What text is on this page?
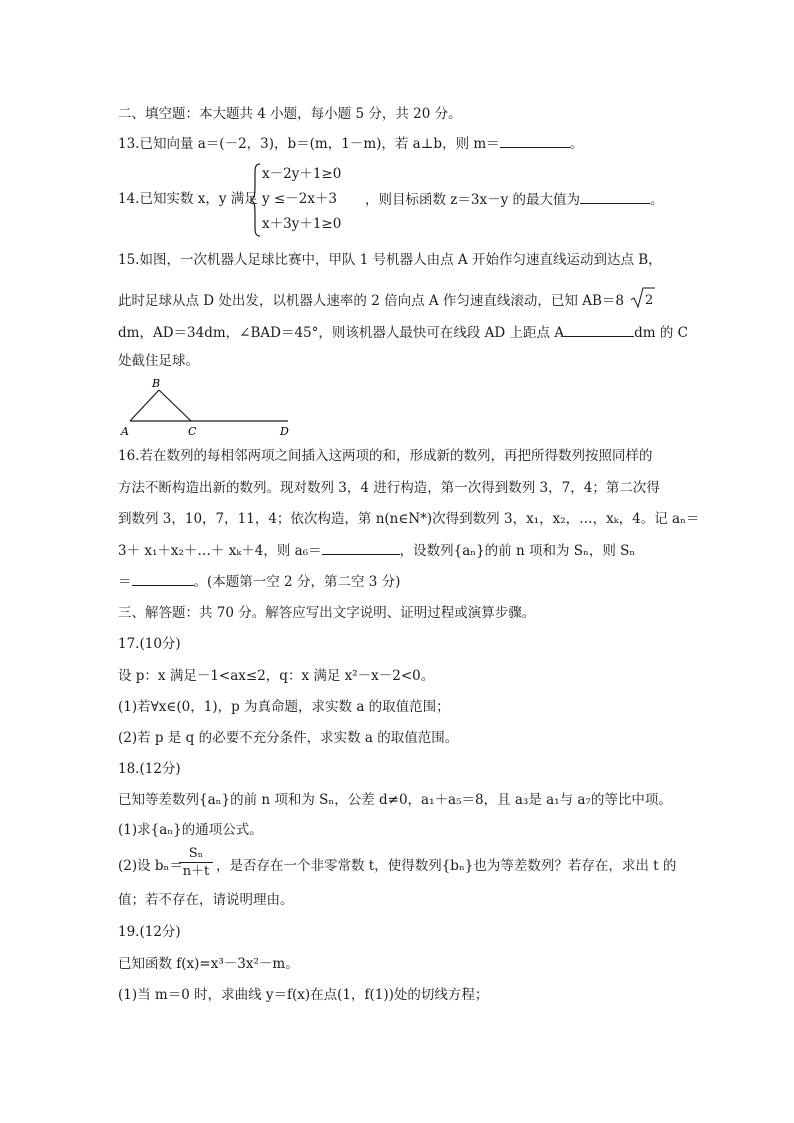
二、填空题：本大题共 4 小题，每小题 5 分，共 20 分。
13.已知向量 a＝(－2，3)，b＝(m，1－m)，若 a⊥b，则 m＝	。
14.已知实数 x，y 满足
x－2y＋1≥0
y ≤－2x＋3
x＋3y＋1≥0
，则目标函数 z＝3x－y 的最大值为	。
15.如图，一次机器人足球比赛中，甲队 1 号机器人由点 A 开始作匀速直线运动到达点 B，
此时足球从点 D 处出发，以机器人速率的 2 倍向点 A 作匀速直线滚动，已知 AB＝8 2
dm，AD＝34dm，∠BAD＝45°，则该机器人最快可在线段 AD 上距点 A	dm 的 C
处截住足球。
B
A	C	D
16.若在数列的每相邻两项之间插入这两项的和，形成新的数列，再把所得数列按照同样的
方法不断构造出新的数列。现对数列 3，4 进行构造，第一次得到数列 3，7，4；第二次得
到数列 3，10，7，11，4；依次构造，第 n(n∈N*)次得到数列 3，x₁，x₂，…，xₖ，4。记 aₙ＝
3＋ x₁＋x₂＋…＋ xₖ＋4，则 a₆＝	，设数列{aₙ}的前 n 项和为 Sₙ，则 Sₙ
＝	。(本题第一空 2 分，第二空 3 分)
三、解答题：共 70 分。解答应写出文字说明、证明过程或演算步骤。
17.(10分)
设 p：x 满足－1<ax≤2，q：x 满足 x²－x－2<0。
(1)若∀x∈(0，1)，p 为真命题，求实数 a 的取值范围；
(2)若 p 是 q 的必要不充分条件，求实数 a 的取值范围。
18.(12分)
已知等差数列{aₙ}的前 n 项和为 Sₙ，公差 d≠0，a₁＋a₅＝8，且 a₃是 a₁与 a₇的等比中项。
(1)求{aₙ}的通项公式。
(2)设 bₙ＝
$\frac{\text{Sₙ}}{n+t}$ ，是否存在一个非零常数 t，使得数列{bₙ}也为等差数列？若存在，求出 t 的
值；若不存在，请说明理由。
19.(12分)
已知函数 f(x)=x³－3x²－m。
(1)当 m＝0 时，求曲线 y＝f(x)在点(1，f(1))处的切线方程；
